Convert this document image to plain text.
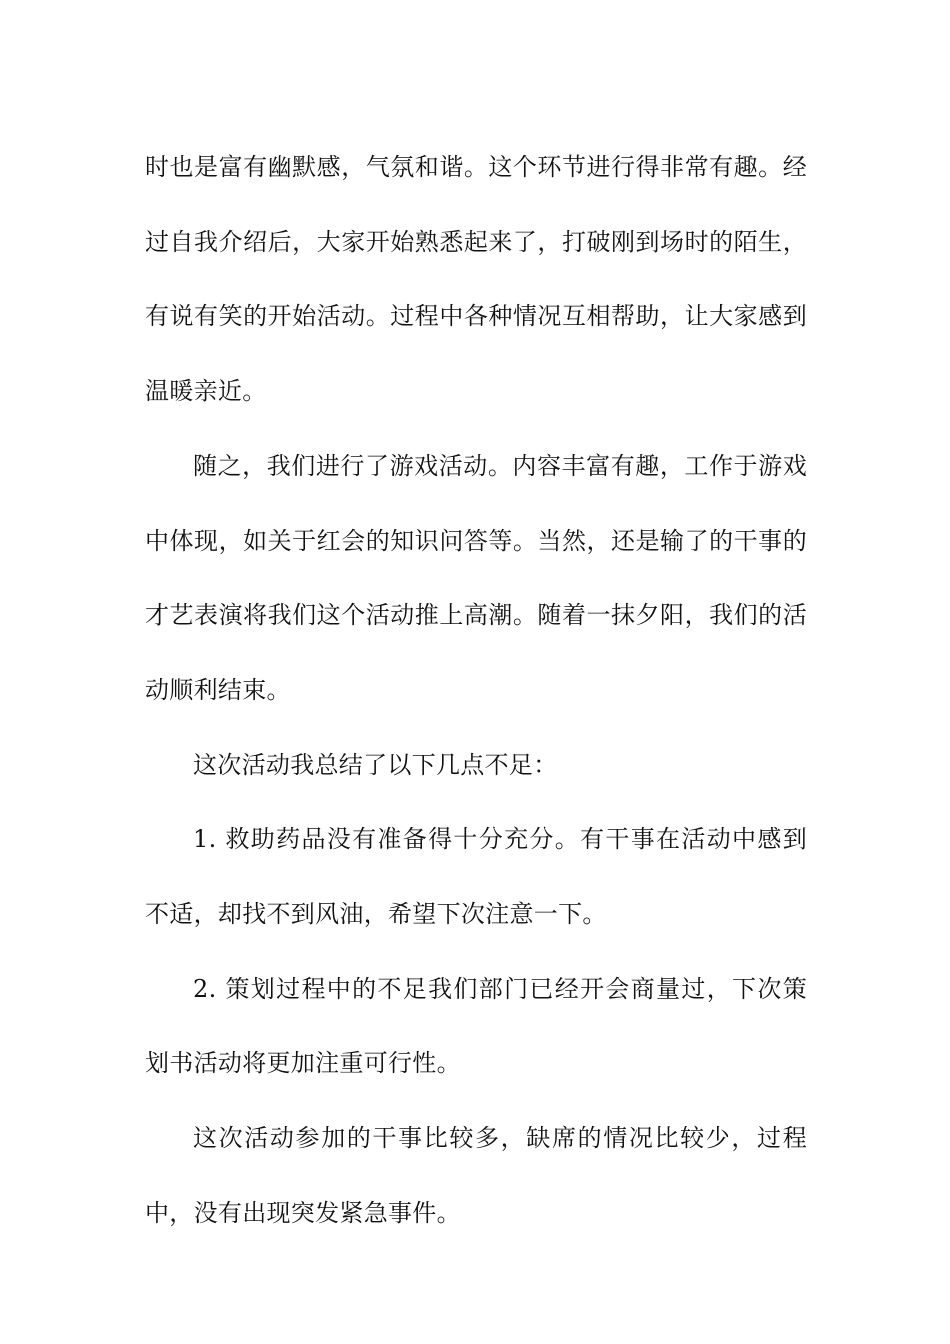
时也是富有幽默感，气氛和谐。这个环节进行得非常有趣。经过自我介绍后，大家开始熟悉起来了，打破刚到场时的陌生，有说有笑的开始活动。过程中各种情况互相帮助，让大家感到温暖亲近。

随之，我们进行了游戏活动。内容丰富有趣，工作于游戏中体现，如关于红会的知识问答等。当然，还是输了的干事的才艺表演将我们这个活动推上高潮。随着一抹夕阳，我们的活动顺利结束。

这次活动我总结了以下几点不足：

1. 救助药品没有准备得十分充分。有干事在活动中感到不适，却找不到风油，希望下次注意一下。

2. 策划过程中的不足我们部门已经开会商量过，下次策划书活动将更加注重可行性。

这次活动参加的干事比较多，缺席的情况比较少，过程中，没有出现突发紧急事件。
